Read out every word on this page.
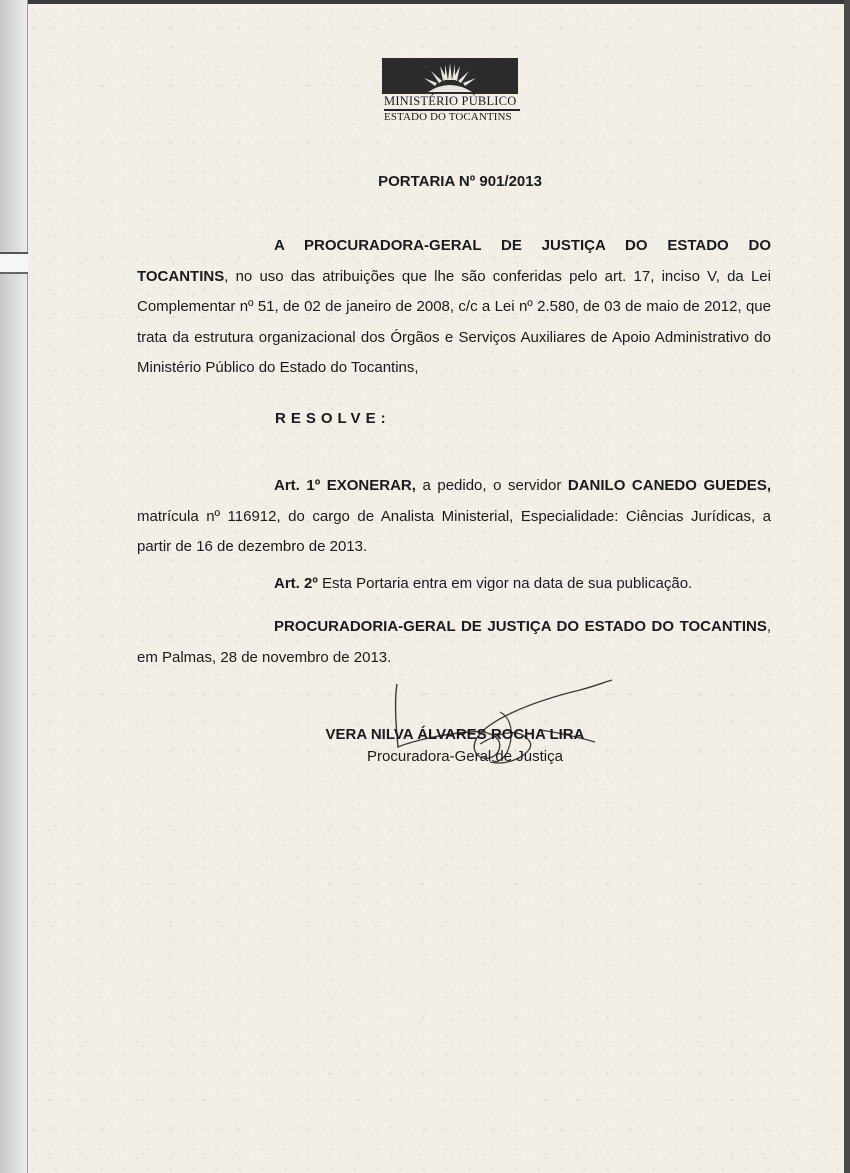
MINISTÉRIO PÚBLICO
ESTADO DO TOCANTINS
PORTARIA Nº 901/2013
A PROCURADORA-GERAL DE JUSTIÇA DO ESTADO DO TOCANTINS, no uso das atribuições que lhe são conferidas pelo art. 17, inciso V, da Lei Complementar nº 51, de 02 de janeiro de 2008, c/c a Lei nº 2.580, de 03 de maio de 2012, que trata da estrutura organizacional dos Órgãos e Serviços Auxiliares de Apoio Administrativo do Ministério Público do Estado do Tocantins,
RESOLVE:
Art. 1º EXONERAR, a pedido, o servidor DANILO CANEDO GUEDES, matrícula nº 116912, do cargo de Analista Ministerial, Especialidade: Ciências Jurídicas, a partir de 16 de dezembro de 2013.
Art. 2º Esta Portaria entra em vigor na data de sua publicação.
PROCURADORIA-GERAL DE JUSTIÇA DO ESTADO DO TOCANTINS, em Palmas, 28 de novembro de 2013.
VERA NILVA ÁLVARES ROCHA LIRA
Procuradora-Geral de Justiça
